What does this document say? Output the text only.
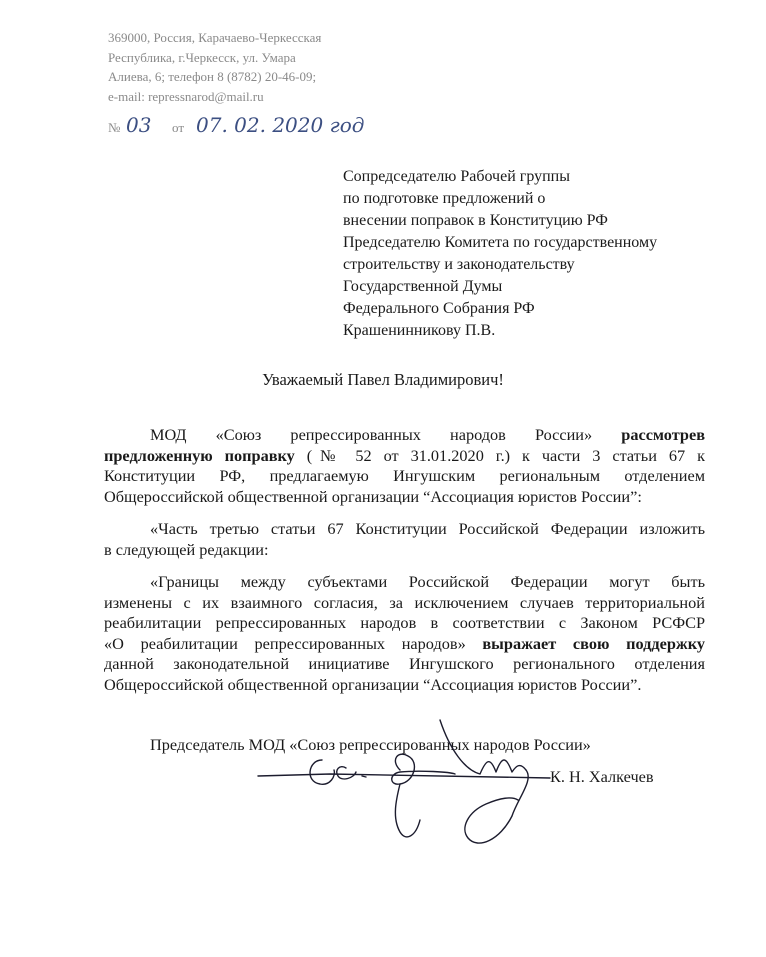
369000, Россия, Карачаево-Черкесская
Республика, г.Черкесск, ул. Умара
Алиева, 6; телефон 8 (8782) 20-46-09;
e-mail: repressnarod@mail.ru
№ 03 от 07. 02. 2020 год
Сопредседателю Рабочей группы
по подготовке предложений о
внесении поправок в Конституцию РФ
Председателю Комитета по государственному
строительству и законодательству
Государственной Думы
Федерального Собрания РФ
Крашенинникову П.В.
Уважаемый Павел Владимирович!
МОД «Союз репрессированных народов России» рассмотрев
предложенную поправку (№ 52 от 31.01.2020 г.) к части 3 статьи 67 к
Конституции РФ, предлагаемую Ингушским региональным отделением
Общероссийской общественной организации “Ассоциация юристов России”:
«Часть третью статьи 67 Конституции Российской Федерации изложить
в следующей редакции:
«Границы между субъектами Российской Федерации могут быть
изменены с их взаимного согласия, за исключением случаев территориальной
реабилитации репрессированных народов в соответствии с Законом РСФСР
«О реабилитации репрессированных народов» выражает свою поддержку
данной законодательной инициативе Ингушского регионального отделения
Общероссийской общественной организации “Ассоциация юристов России”.
Председатель МОД «Союз репрессированных народов России»
К. Н. Халкечев
